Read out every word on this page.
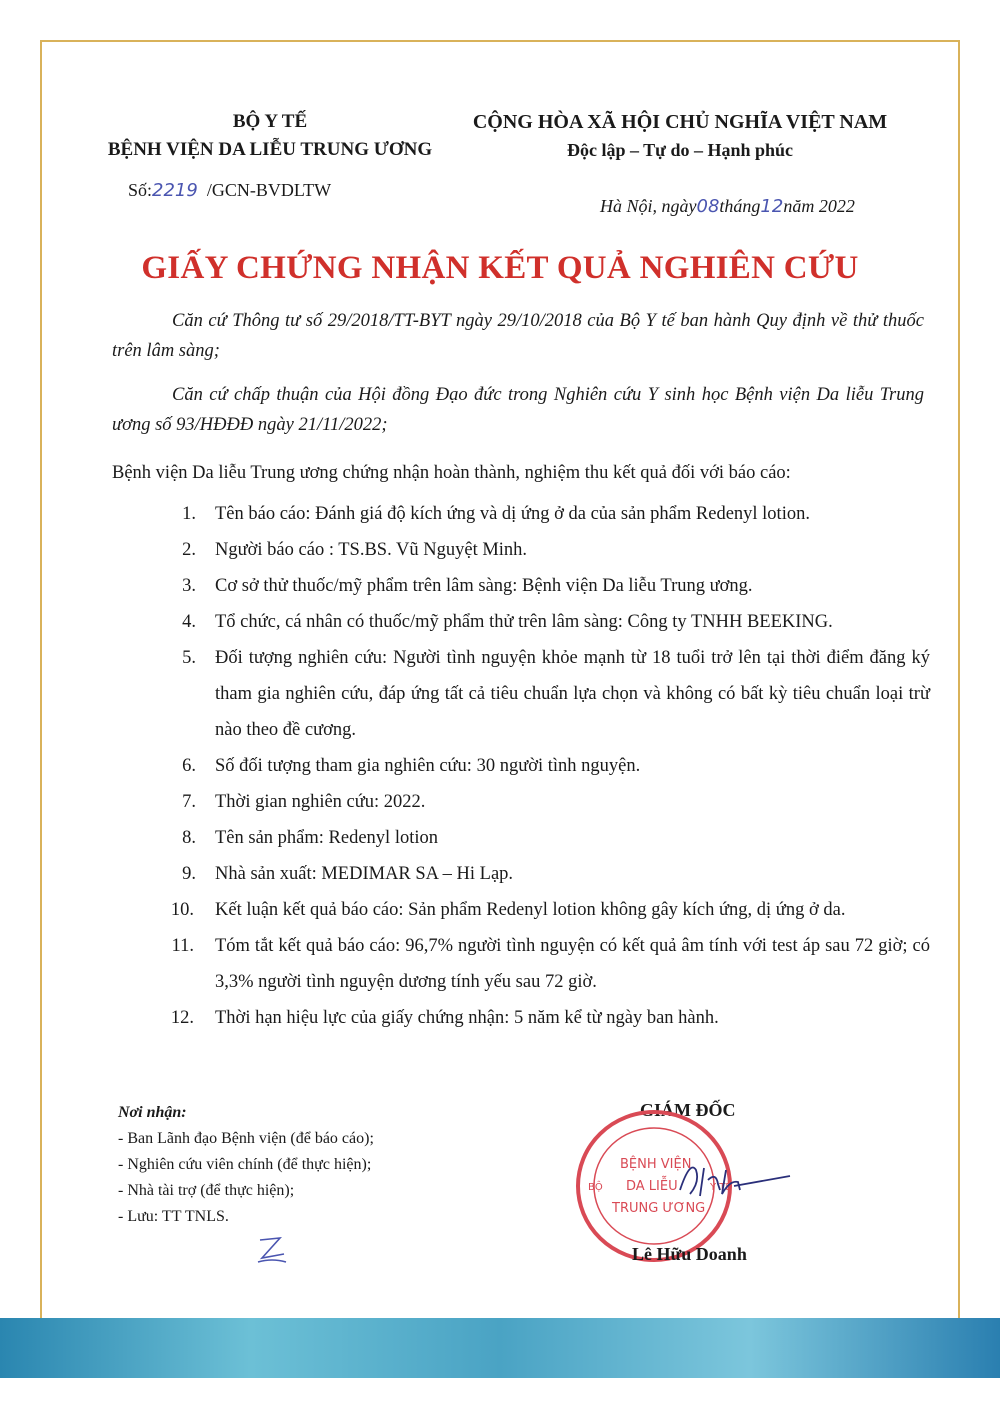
BỘ Y TẾ
BỆNH VIỆN DA LIỄU TRUNG ƯƠNG
CỘNG HÒA XÃ HỘI CHỦ NGHĨA VIỆT NAM
Độc lập – Tự do – Hạnh phúc
Số:2219 /GCN-BVDLTW
Hà Nội, ngày08tháng12năm 2022
GIẤY CHỨNG NHẬN KẾT QUẢ NGHIÊN CỨU
Căn cứ Thông tư số 29/2018/TT-BYT ngày 29/10/2018 của Bộ Y tế ban hành Quy định về thử thuốc trên lâm sàng;
Căn cứ chấp thuận của Hội đồng Đạo đức trong Nghiên cứu Y sinh học Bệnh viện Da liễu Trung ương số 93/HĐĐĐ ngày 21/11/2022;
Bệnh viện Da liễu Trung ương chứng nhận hoàn thành, nghiệm thu kết quả đối với báo cáo:
1. Tên báo cáo: Đánh giá độ kích ứng và dị ứng ở da của sản phẩm Redenyl lotion.
2. Người báo cáo : TS.BS. Vũ Nguyệt Minh.
3. Cơ sở thử thuốc/mỹ phẩm trên lâm sàng: Bệnh viện Da liễu Trung ương.
4. Tổ chức, cá nhân có thuốc/mỹ phẩm thử trên lâm sàng: Công ty TNHH BEEKING.
5. Đối tượng nghiên cứu: Người tình nguyện khỏe mạnh từ 18 tuổi trở lên tại thời điểm đăng ký tham gia nghiên cứu, đáp ứng tất cả tiêu chuẩn lựa chọn và không có bất kỳ tiêu chuẩn loại trừ nào theo đề cương.
6. Số đối tượng tham gia nghiên cứu: 30 người tình nguyện.
7. Thời gian nghiên cứu: 2022.
8. Tên sản phẩm: Redenyl lotion
9. Nhà sản xuất: MEDIMAR SA – Hi Lạp.
10. Kết luận kết quả báo cáo: Sản phẩm Redenyl lotion không gây kích ứng, dị ứng ở da.
11. Tóm tắt kết quả báo cáo: 96,7% người tình nguyện có kết quả âm tính với test áp sau 72 giờ; có 3,3% người tình nguyện dương tính yếu sau 72 giờ.
12. Thời hạn hiệu lực của giấy chứng nhận: 5 năm kể từ ngày ban hành.
Nơi nhận:
- Ban Lãnh đạo Bệnh viện (để báo cáo);
- Nghiên cứu viên chính (để thực hiện);
- Nhà tài trợ (để thực hiện);
- Lưu: TT TNLS.
GIÁM ĐỐC
BỆNH VIỆN
DA LIỄU
TRUNG ƯƠNG
BỘ	Y TẾ
Lê Hữu Doanh
